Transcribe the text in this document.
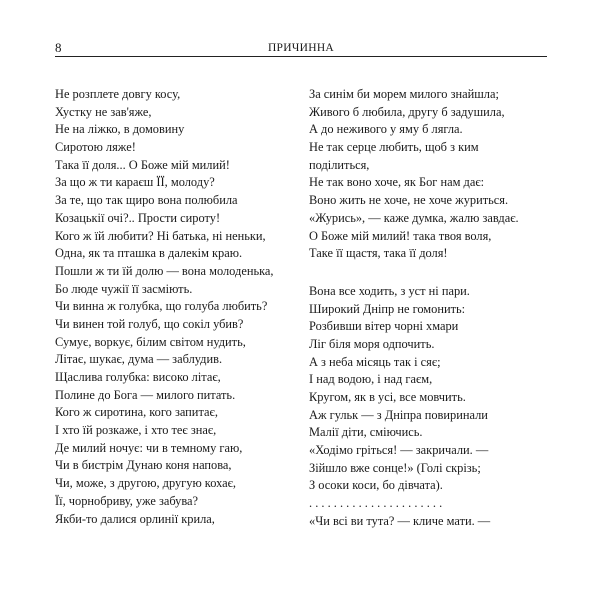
8	ПРИЧИННА
Не розплете довгу косу,
Хустку не зав'яже,
Не на ліжко, в домовину
Сиротою ляже!
Така її доля... О Боже мій милий!
За що ж ти караєш ЇЇ, молоду?
За те, що так щиро вона полюбила
Козацькії очі?.. Прости сироту!
Кого ж їй любити? Ні батька, ні неньки,
Одна, як та пташка в далекім краю.
Пошли ж ти їй долю — вона молоденька,
Бо люде чужії її засміють.
Чи винна ж голубка, що голуба любить?
Чи винен той голуб, що сокіл убив?
Сумує, воркує, білим світом нудить,
Літає, шукає, дума — заблудив.
Щаслива голубка: високо літає,
Полине до Бога — милого питать.
Кого ж сиротина, кого запитає,
І хто їй розкаже, і хто теє знає,
Де милий ночує: чи в темному гаю,
Чи в бистрім Дунаю коня напова,
Чи, може, з другою, другую кохає,
Її, чорнобриву, уже забува?
Якби-то далися орлинії крила,
За синім би морем милого знайшла;
Живого б любила, другу б задушила,
А до неживого у яму б лягла.
Не так серце любить, щоб з ким
поділиться,
Не так воно хоче, як Бог нам дає:
Воно жить не хоче, не хоче журиться.
«Журись», — каже думка, жалю завдає.
О Боже мій милий! така твоя воля,
Таке її щастя, така її доля!
Вона все ходить, з уст ні пари.
Широкий Дніпр не гомонить:
Розбивши вітер чорні хмари
Ліг біля моря одпочить.
А з неба місяць так і сяє;
І над водою, і над гаєм,
Кругом, як в усі, все мовчить.
Аж гульк — з Дніпра повиринали
Малії діти, сміючись.
«Ходімо гріться! — закричали. —
Зійшло вже сонце!» (Голі скрізь;
З осоки коси, бо дівчата).
. . . . . . . . . . . . . . . . . . . . . .
«Чи всі ви тута? — кличе мати. —
